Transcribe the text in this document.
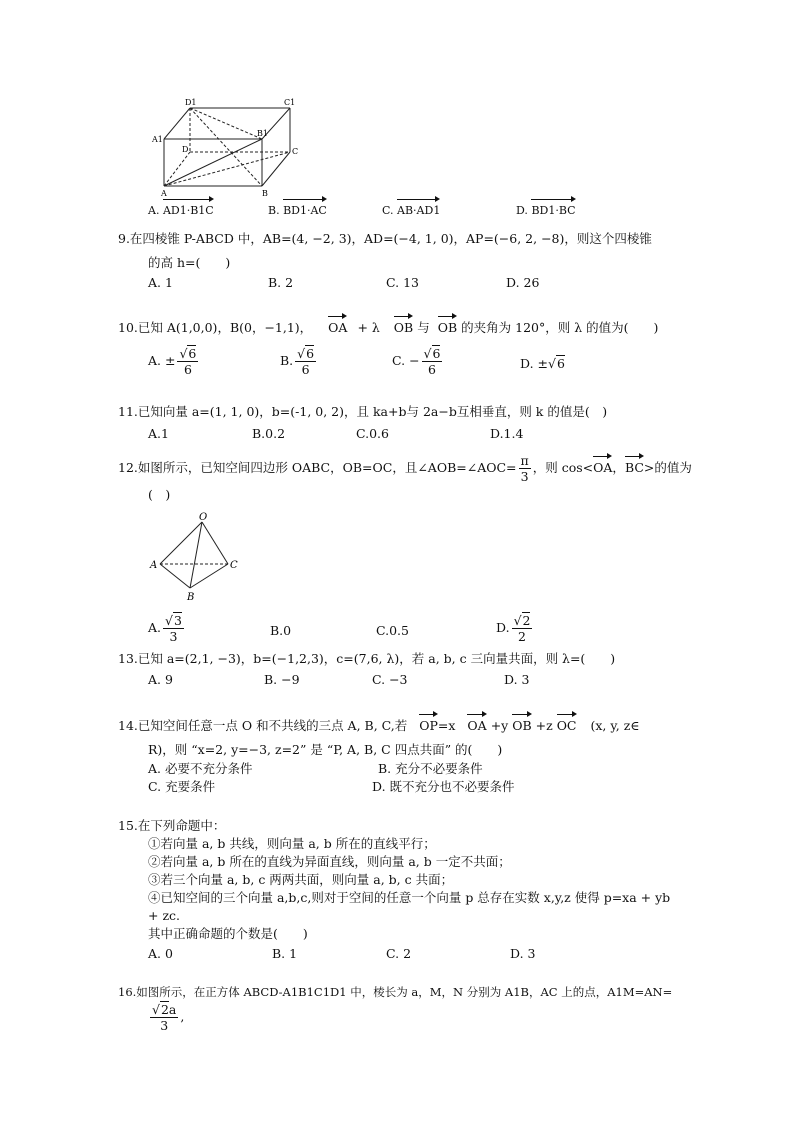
D1	C1
A1
B1
D	C
A	B
A. AD1·B1C	B. BD1·AC	C. AB·AD1	D. BD1·BC
9.在四棱锥 P-ABCD 中，AB=(4, −2, 3)，AD=(−4, 1, 0)，AP=(−6, 2, −8)，则这个四棱锥
的高 h=(　　)
A. 1	B. 2	C. 13	D. 26
10.已知 A(1,0,0)，B(0，−1,1)， OA + λ OB 与 OB 的夹角为 120°，则 λ 的值为(　　)
A. ± $\frac{√6}{6}$	B. $\frac{√6}{6}$	C. − $\frac{√6}{6}$	D. ±√6
11.已知向量 a=(1, 1, 0)，b=(-1, 0, 2)，且 ka+b与 2a−b互相垂直，则 k 的值是(　)
A.1	B.0.2	C.0.6	D.1.4
12.如图所示，已知空间四边形 OABC，OB=OC，且∠AOB=∠AOC= $\frac{\pi}{3}$ ，则 cos<OA，BC>的值为
(　)
O
A	C
B
A. $\frac{√3}{3}$	B.0	C.0.5	D. $\frac{√2}{2}$
13.已知 a=(2,1, −3)，b=(−1,2,3)，c=(7,6, λ)，若 a, b, c 三向量共面，则 λ=(　　)
A. 9	B. −9	C. −3	D. 3
14.已知空间任意一点 O 和不共线的三点 A, B, C,若 OP=x OA +y OB +z OC (x, y, z∈
R)，则 “x=2, y=−3, z=2” 是 “P, A, B, C 四点共面” 的(　　)
A. 必要不充分条件	B. 充分不必要条件
C. 充要条件	D. 既不充分也不必要条件
15.在下列命题中：
①若向量 a, b 共线，则向量 a, b 所在的直线平行；
②若向量 a, b 所在的直线为异面直线，则向量 a, b 一定不共面；
③若三个向量 a, b, c 两两共面，则向量 a, b, c 共面；
④已知空间的三个向量 a,b,c,则对于空间的任意一个向量 p 总存在实数 x,y,z 使得 p=xa + yb
+ zc.
其中正确命题的个数是(　　)
A. 0	B. 1	C. 2	D. 3
16.如图所示，在正方体 ABCD-A1B1C1D1 中，棱长为 a，M，N 分别为 A1B，AC 上的点，A1M=AN=
$\frac{√2a}{3}$ ,
